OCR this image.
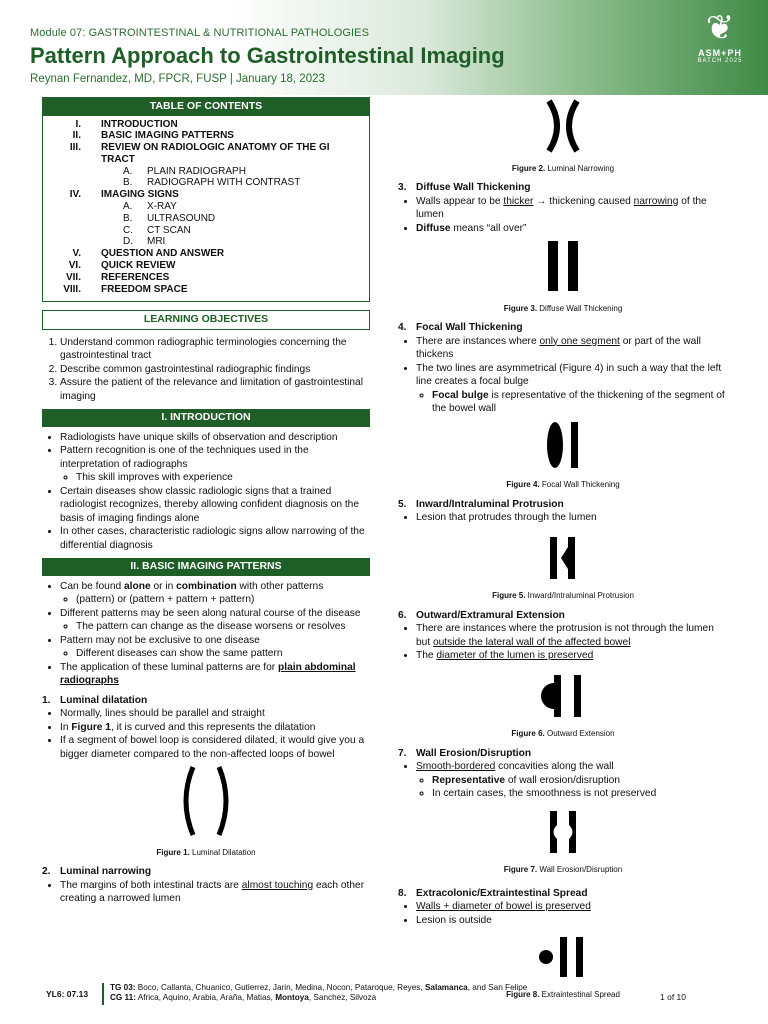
Module 07: GASTROINTESTINAL & NUTRITIONAL PATHOLOGIES
Pattern Approach to Gastrointestinal Imaging
Reynan Fernandez, MD, FPCR, FUSP | January 18, 2023
❦
ASM+PH
BATCH 2025
TABLE OF CONTENTS
I.	INTRODUCTION
II.	BASIC IMAGING PATTERNS
III.	REVIEW ON RADIOLOGIC ANATOMY OF THE GI TRACT
A.	PLAIN RADIOGRAPH
B.	RADIOGRAPH WITH CONTRAST
IV.	IMAGING SIGNS
A.	X-RAY
B.	ULTRASOUND
C.	CT SCAN
D.	MRI
V.	QUESTION AND ANSWER
VI.	QUICK REVIEW
VII.	REFERENCES
VIII.	FREEDOM SPACE
LEARNING OBJECTIVES
1. Understand common radiographic terminologies concerning the gastrointestinal tract
2. Describe common gastrointestinal radiographic findings
3. Assure the patient of the relevance and limitation of gastrointestinal imaging
I. INTRODUCTION
• Radiologists have unique skills of observation and description
• Pattern recognition is one of the techniques used in the interpretation of radiographs
◦ This skill improves with experience
• Certain diseases show classic radiologic signs that a trained radiologist recognizes, thereby allowing confident diagnosis on the basis of imaging findings alone
• In other cases, characteristic radiologic signs allow narrowing of the differential diagnosis
II. BASIC IMAGING PATTERNS
• Can be found alone or in combination with other patterns
◦ (pattern) or (pattern + pattern + pattern)
• Different patterns may be seen along natural course of the disease
◦ The pattern can change as the disease worsens or resolves
• Pattern may not be exclusive to one disease
◦ Different diseases can show the same pattern
• The application of these luminal patterns are for plain abdominal radiographs
1. Luminal dilatation
• Normally, lines should be parallel and straight
• In Figure 1, it is curved and this represents the dilatation
• If a segment of bowel loop is considered dilated, it would give you a bigger diameter compared to the non-affected loops of bowel
Figure 1. Luminal Dilatation
2. Luminal narrowing
• The margins of both intestinal tracts are almost touching each other creating a narrowed lumen
Figure 2. Luminal Narrowing
3. Diffuse Wall Thickening
• Walls appear to be thicker → thickening caused narrowing of the lumen
• Diffuse means “all over”
Figure 3. Diffuse Wall Thickening
4. Focal Wall Thickening
• There are instances where only one segment or part of the wall thickens
• The two lines are asymmetrical (Figure 4) in such a way that the left line creates a focal bulge
◦ Focal bulge is representative of the thickening of the segment of the bowel wall
Figure 4. Focal Wall Thickening
5. Inward/Intraluminal Protrusion
• Lesion that protrudes through the lumen
Figure 5. Inward/Intraluminal Protrusion
6. Outward/Extramural Extension
• There are instances where the protrusion is not through the lumen but outside the lateral wall of the affected bowel
• The diameter of the lumen is preserved
Figure 6. Outward Extension
7. Wall Erosion/Disruption
• Smooth-bordered concavities along the wall
◦ Representative of wall erosion/disruption
◦ In certain cases, the smoothness is not preserved
Figure 7. Wall Erosion/Disruption
8. Extracolonic/Extraintestinal Spread
• Walls + diameter of bowel is preserved
• Lesion is outside
Figure 8. Extraintestinal Spread
YL6: 07.13
TG 03: Boco, Callanta, Chuanico, Gutierrez, Jarin, Medina, Nocon, Pataroque, Reyes, Salamanca, and San Felipe
CG 11: Africa, Aquino, Arabia, Araña, Matias, Montoya, Sanchez, Silvoza	1 of 10
